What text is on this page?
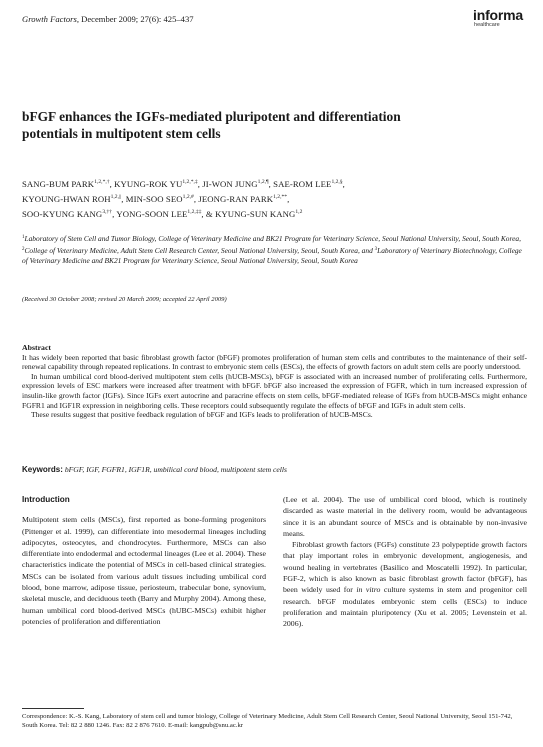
Growth Factors, December 2009; 27(6): 425–437	informa
healthcare
bFGF enhances the IGFs-mediated pluripotent and differentiation
potentials in multipotent stem cells
SANG-BUM $PARK^{1,2,*,\dagger}$, KYUNG-ROK $YU^{1,2,*,\ddagger}$, JI-WON $JUNG^{1,2,\P}$, SAE-ROM $LEE^{1,2,\S}$,
KYOUNG-HWAN $ROH^{1,2,||}$, MIN-SOO $SEO^{1,2,\#}$, JEONG-RAN $PARK^{1,2,**}$,
SOO-KYUNG $KANG^{3,\dagger\dagger}$, YONG-SOON $LEE^{1,2,\ddagger\ddagger}$, & KYUNG-SUN KANG$^{1,2}$
$^1$Laboratory of Stem Cell and Tumor Biology, College of Veterinary Medicine and BK21 Program for Veterinary Science, Seoul National University, Seoul, South Korea, $^2$College of Veterinary Medicine, Adult Stem Cell Research Center, Seoul National University, Seoul, South Korea, and $^3$Laboratory of Veterinary Biotechnology, College of Veterinary Medicine and BK21 Program for Veterinary Science, Seoul National University, Seoul, South Korea
(Received 30 October 2008; revised 20 March 2009; accepted 22 April 2009)
Abstract

It has widely been reported that basic fibroblast growth factor (bFGF) promotes proliferation of human stem cells and contributes to the maintenance of their self-renewal capability through repeated replications. In contrast to embryonic stem cells (ESCs), the effects of growth factors on adult stem cells are poorly understood.

In human umbilical cord blood-derived multipotent stem cells (hUCB-MSCs), bFGF is associated with an increased number of proliferating cells. Furthermore, expression levels of ESC markers were increased after treatment with bFGF. bFGF also increased the expression of FGFR, which in turn increased expression of insulin-like growth factor (IGFs). Since IGFs exert autocrine and paracrine effects on stem cells, bFGF-mediated release of IGFs from hUCB-MSCs might enhance FGFR1 and IGF1R expression in neighboring cells. These receptors could subsequently regulate the effects of bFGF and IGFs in adult stem cells.

These results suggest that positive feedback regulation of bFGF and IGFs leads to proliferation of hUCB-MSCs.

Keywords: bFGF, IGF, FGFR1, IGF1R, umbilical cord blood, multipotent stem cells
Introduction

Multipotent stem cells (MSCs), first reported as bone-forming progenitors (Pittenger et al. 1999), can differentiate into mesodermal lineages including adipocytes, osteocytes, and chondrocytes. Furthermore, MSCs can also differentiate into endodermal and ectodermal lineages (Lee et al. 2004). These characteristics indicate the potential of MSCs in cell-based clinical strategies. MSCs can be isolated from various adult tissues including umbilical cord blood, bone marrow, adipose tissue, periosteum, trabecular bone, synovium, skeletal muscle, and deciduous teeth (Barry and Murphy 2004). Among these, human umbilical cord blood-derived MSCs (hUBC-MSCs) exhibit higher potencies of proliferation and differentiation

(Lee et al. 2004). The use of umbilical cord blood, which is routinely discarded as waste material in the delivery room, would be advantageous since it is an abundant source of MSCs and is obtainable by non-invasive means.

Fibroblast growth factors (FGFs) constitute 23 polypeptide growth factors that play important roles in embryonic development, angiogenesis, and wound healing in vertebrates (Basilico and Moscatelli 1992). In particular, FGF-2, which is also known as basic fibroblast growth factor (bFGF), has been widely used for in vitro culture systems in stem and progenitor cell research. bFGF modulates embryonic stem cells (ESCs) to induce proliferation and maintain pluripotency (Xu et al. 2005; Levenstein et al. 2006).

Correspondence: K.-S. Kang, Laboratory of stem cell and tumor biology, College of Veterinary Medicine, Adult Stem Cell Research Center, Seoul National University, Seoul 151-742, South Korea. Tel: 82 2 880 1246. Fax: 82 2 876 7610. E-mail: kangpub@snu.ac.kr
